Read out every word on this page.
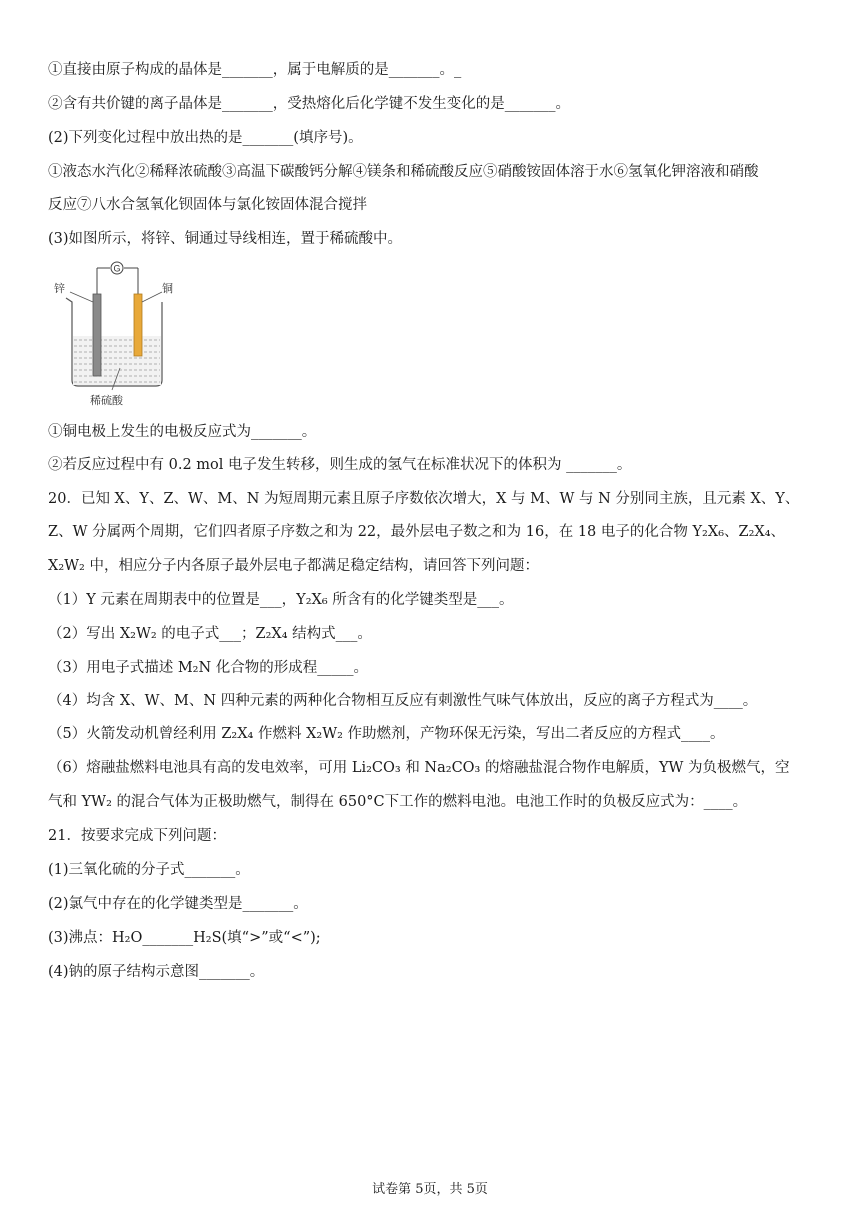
①直接由原子构成的晶体是_______，属于电解质的是_______。_
②含有共价键的离子晶体是_______，受热熔化后化学键不发生变化的是_______。
(2)下列变化过程中放出热的是_______(填序号)。
①液态水汽化②稀释浓硫酸③高温下碳酸钙分解④镁条和稀硫酸反应⑤硝酸铵固体溶于水⑥氢氧化钾溶液和硝酸
反应⑦八水合氢氧化钡固体与氯化铵固体混合搅拌
(3)如图所示，将锌、铜通过导线相连，置于稀硫酸中。
G
锌	铜
稀硫酸
①铜电极上发生的电极反应式为_______。
②若反应过程中有 0.2 mol 电子发生转移，则生成的氢气在标准状况下的体积为 _______。
20．已知 X、Y、Z、W、M、N 为短周期元素且原子序数依次增大，X 与 M、W 与 N 分别同主族，且元素 X、Y、
Z、W 分属两个周期，它们四者原子序数之和为 22，最外层电子数之和为 16，在 18 电子的化合物 Y₂X₆、Z₂X₄、
X₂W₂ 中，相应分子内各原子最外层电子都满足稳定结构，请回答下列问题：
（1）Y 元素在周期表中的位置是___，Y₂X₆ 所含有的化学键类型是___。
（2）写出 X₂W₂ 的电子式___；Z₂X₄ 结构式___。
（3）用电子式描述 M₂N 化合物的形成程_____。
（4）均含 X、W、M、N 四种元素的两种化合物相互反应有刺激性气味气体放出，反应的离子方程式为____。
（5）火箭发动机曾经利用 Z₂X₄ 作燃料 X₂W₂ 作助燃剂，产物环保无污染，写出二者反应的方程式____。
（6）熔融盐燃料电池具有高的发电效率，可用 Li₂CO₃ 和 Na₂CO₃ 的熔融盐混合物作电解质，YW 为负极燃气，空
气和 YW₂ 的混合气体为正极助燃气，制得在 650°C下工作的燃料电池。电池工作时的负极反应式为：____。
21．按要求完成下列问题：
(1)三氧化硫的分子式_______。
(2)氯气中存在的化学键类型是_______。
(3)沸点：H₂O_______H₂S(填“>”或“<”);
(4)钠的原子结构示意图_______。
试卷第 5页，共 5页
